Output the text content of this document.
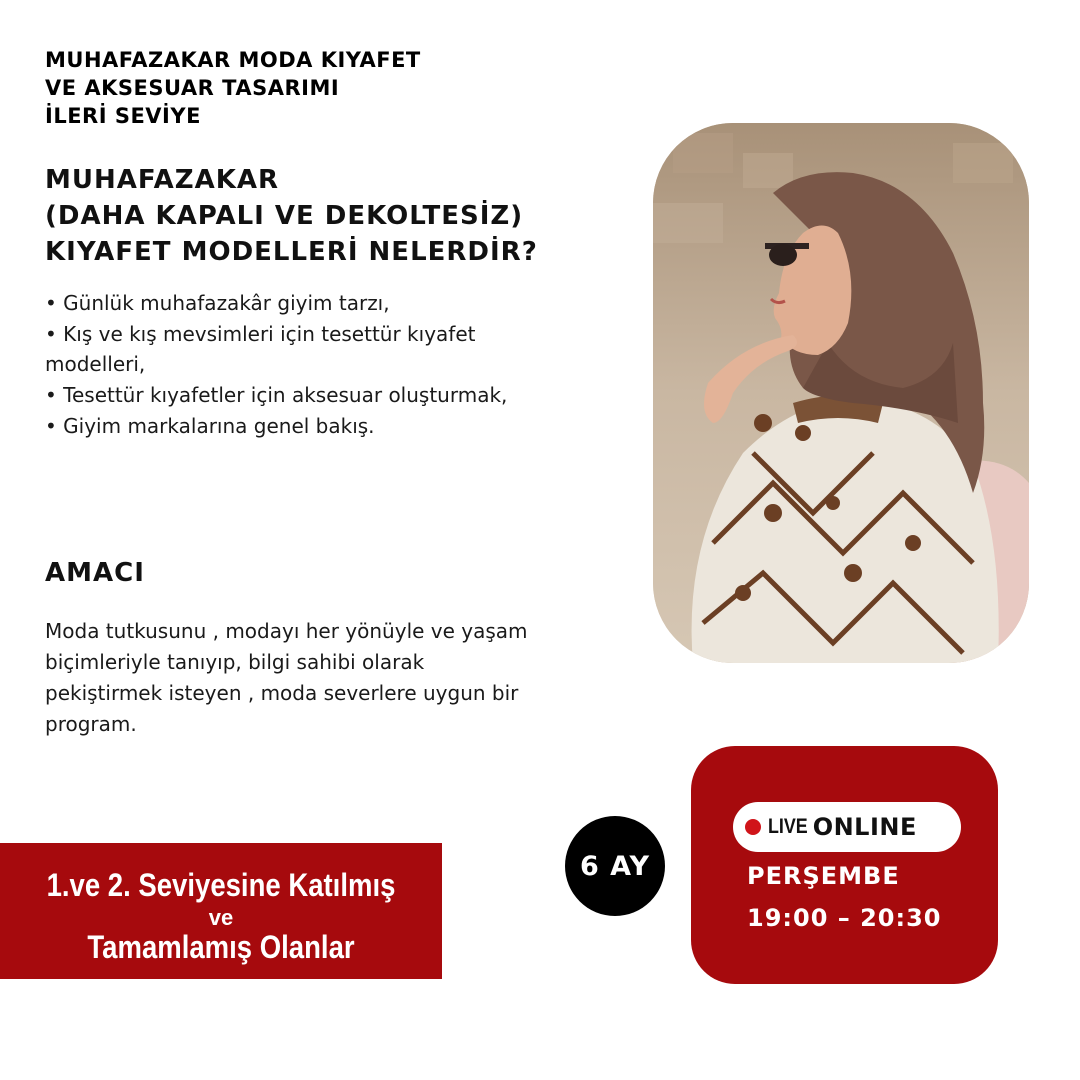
MUHAFAZAKAR MODA KIYAFET
VE AKSESUAR TASARIMI
İLERİ SEVİYE
MUHAFAZAKAR
(DAHA KAPALI VE DEKOLTESİZ)
KIYAFET MODELLERİ NELERDİR?
• Günlük muhafazakâr giyim tarzı,
• Kış ve kış mevsimleri için tesettür kıyafet modelleri,
• Tesettür kıyafetler için aksesuar oluşturmak,
• Giyim markalarına genel bakış.
AMACI
Moda tutkusunu , modayı her yönüyle ve yaşam biçimleriyle tanıyıp, bilgi sahibi olarak pekiştirmek isteyen , moda severlere uygun bir program.
1.ve 2. Seviyesine Katılmış
ve
Tamamlamış Olanlar
6 AY
LIVE ONLINE
PERŞEMBE
19:00 – 20:30
